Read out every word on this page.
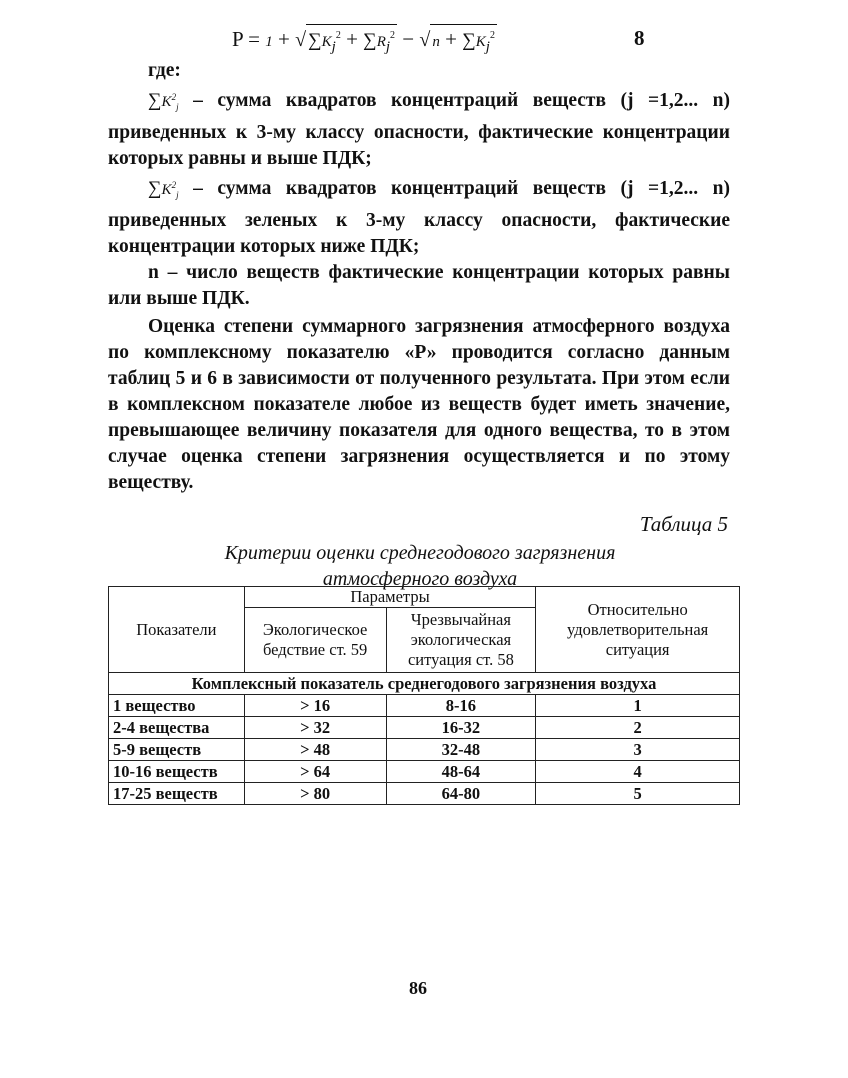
P = 1 + √ $\sum K_j^2 + \sum R_j^2$ − √ $n + \sum K_j^2$	8

где:

$\sum K^2_j$ – сумма квадратов концентраций веществ (j =1,2... n) приведенных к 3-му классу опасности, фактические концентрации которых равны и выше ПДК;

$\sum K^2_j$ – сумма квадратов концентраций веществ (j =1,2... n) приведенных зеленых к 3-му классу опасности, фактические концентрации которых ниже ПДК;

n – число веществ фактические концентрации которых равны или выше ПДК.

Оценка степени суммарного загрязнения атмосферного воздуха по комплексному показателю «Р» проводится согласно данным таблиц 5 и 6 в зависимости от полученного результата. При этом если в комплексном показателе любое из веществ будет иметь значение, превышающее величину показателя для одного вещества, то в этом случае оценка степени загрязнения осуществляется и по этому веществу.

Таблица 5
Критерии оценки среднегодового загрязнения
атмосферного воздуха
Показатели	Параметры		Относительно удовлетворительная ситуация
	Экологическое бедствие ст. 59	Чрезвычайная экологическая ситуация ст. 58	
Комплексный показатель среднегодового загрязнения воздуха			
1 вещество	> 16	8-16	1
2-4 вещества	> 32	16-32	2
5-9 веществ	> 48	32-48	3
10-16 веществ	> 64	48-64	4
17-25 веществ	> 80	64-80	5
86
